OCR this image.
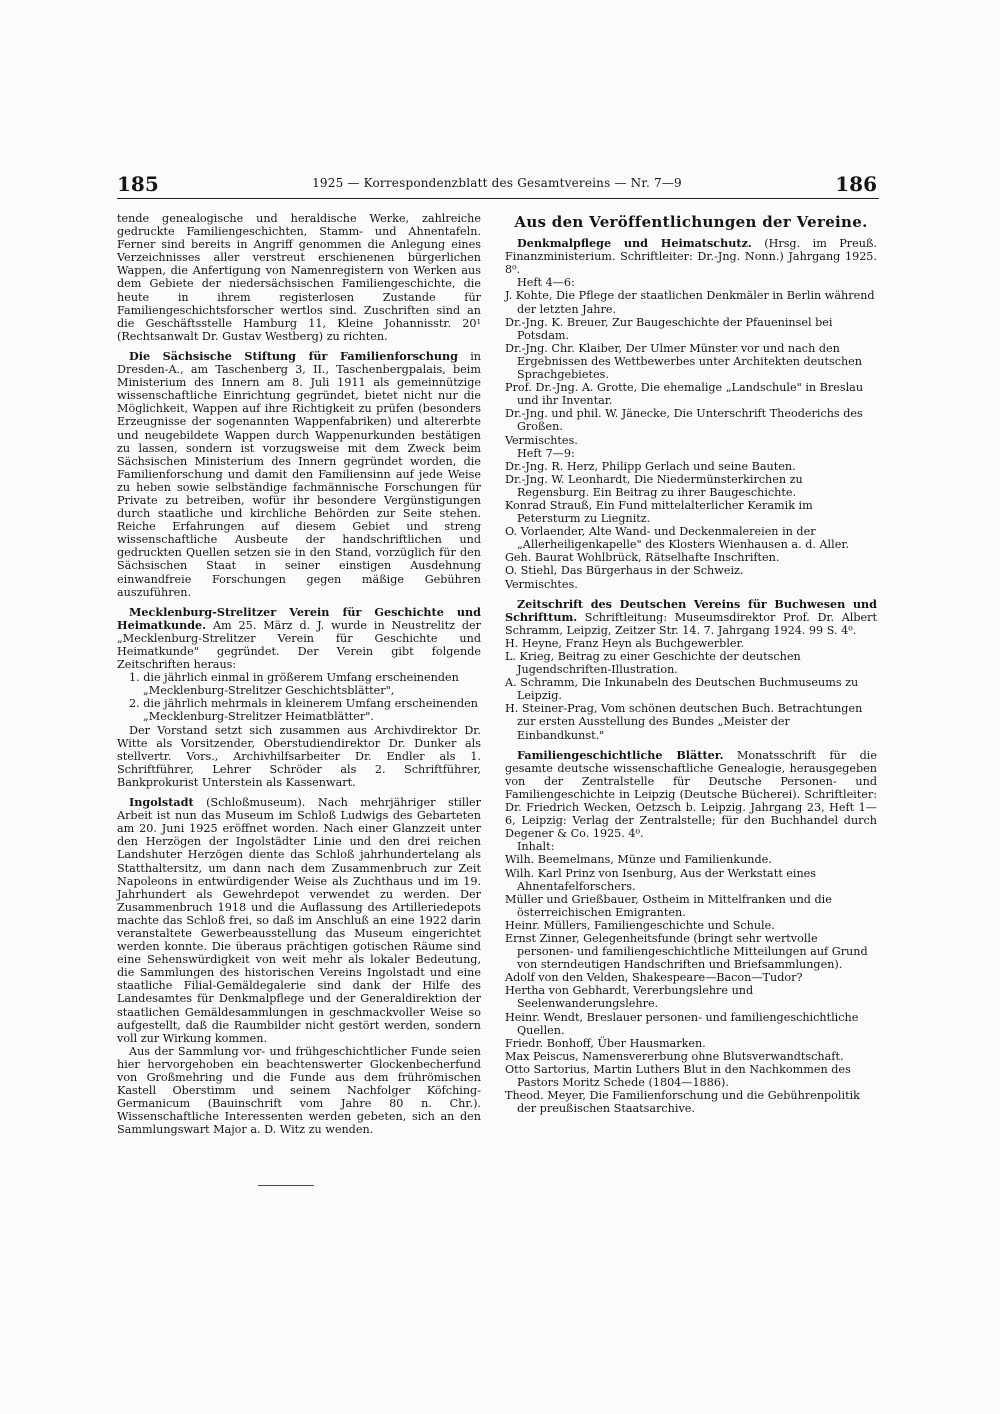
185	1925 — Korrespondenzblatt des Gesamtvereins — Nr. 7—9	186

tende genealogische und heraldische Werke, zahlreiche gedruckte Familiengeschichten, Stamm- und Ahnentafeln. Ferner sind bereits in Angriff genommen die Anlegung eines Verzeichnisses aller verstreut erschienenen bürgerlichen Wappen, die Anfertigung von Namenregistern von Werken aus dem Gebiete der niedersächsischen Familiengeschichte, die heute in ihrem registerlosen Zustande für Familiengeschichtsforscher wertlos sind. Zuschriften sind an die Geschäftsstelle Hamburg 11, Kleine Johannisstr. 20¹ (Rechtsanwalt Dr. Gustav Westberg) zu richten.

Die Sächsische Stiftung für Familienforschung in Dresden-A., am Taschenberg 3, II., Taschenbergpalais, beim Ministerium des Innern am 8. Juli 1911 als gemeinnützige wissenschaftliche Einrichtung gegründet, bietet nicht nur die Möglichkeit, Wappen auf ihre Richtigkeit zu prüfen (besonders Erzeugnisse der sogenannten Wappenfabriken) und altererbte und neugebildete Wappen durch Wappenurkunden bestätigen zu lassen, sondern ist vorzugsweise mit dem Zweck beim Sächsischen Ministerium des Innern gegründet worden, die Familienforschung und damit den Familiensinn auf jede Weise zu heben sowie selbständige fachmännische Forschungen für Private zu betreiben, wofür ihr besondere Vergünstigungen durch staatliche und kirchliche Behörden zur Seite stehen. Reiche Erfahrungen auf diesem Gebiet und streng wissenschaftliche Ausbeute der handschriftlichen und gedruckten Quellen setzen sie in den Stand, vorzüglich für den Sächsischen Staat in seiner einstigen Ausdehnung einwandfreie Forschungen gegen mäßige Gebühren auszuführen.

Mecklenburg-Strelitzer Verein für Geschichte und Heimatkunde. Am 25. März d. J. wurde in Neustrelitz der „Mecklenburg-Strelitzer Verein für Geschichte und Heimatkunde" gegründet. Der Verein gibt folgende Zeitschriften heraus:

1. die jährlich einmal in größerem Umfang erscheinenden „Mecklenburg-Strelitzer Geschichtsblätter",
2. die jährlich mehrmals in kleinerem Umfang erscheinenden „Mecklenburg-Strelitzer Heimatblätter".

Der Vorstand setzt sich zusammen aus Archivdirektor Dr. Witte als Vorsitzender, Oberstudiendirektor Dr. Dunker als stellvertr. Vors., Archivhilfsarbeiter Dr. Endler als 1. Schriftführer, Lehrer Schröder als 2. Schriftführer, Bankprokurist Unterstein als Kassenwart.

Ingolstadt (Schloßmuseum). Nach mehrjähriger stiller Arbeit ist nun das Museum im Schloß Ludwigs des Gebarteten am 20. Juni 1925 eröffnet worden. Nach einer Glanzzeit unter den Herzögen der Ingolstädter Linie und den drei reichen Landshuter Herzögen diente das Schloß jahrhundertelang als Statthaltersitz, um dann nach dem Zusammenbruch zur Zeit Napoleons in entwürdigender Weise als Zuchthaus und im 19. Jahrhundert als Gewehrdepot verwendet zu werden. Der Zusammenbruch 1918 und die Auflassung des Artilleriedepots machte das Schloß frei, so daß im Anschluß an eine 1922 darin veranstaltete Gewerbeausstellung das Museum eingerichtet werden konnte. Die überaus prächtigen gotischen Räume sind eine Sehenswürdigkeit von weit mehr als lokaler Bedeutung, die Sammlungen des historischen Vereins Ingolstadt und eine staatliche Filial-Gemäldegalerie sind dank der Hilfe des Landesamtes für Denkmalpflege und der Generaldirektion der staatlichen Gemäldesammlungen in geschmackvoller Weise so aufgestellt, daß die Raumbilder nicht gestört werden, sondern voll zur Wirkung kommen.

Aus der Sammlung vor- und frühgeschichtlicher Funde seien hier hervorgehoben ein beachtenswerter Glockenbecherfund von Großmehring und die Funde aus dem frührömischen Kastell Oberstimm und seinem Nachfolger Köfching-Germanicum (Bauinschrift vom Jahre 80 n. Chr.). Wissenschaftliche Interessenten werden gebeten, sich an den Sammlungswart Major a. D. Witz zu wenden.

Aus den Veröffentlichungen der Vereine.

Denkmalpflege und Heimatschutz. (Hrsg. im Preuß. Finanzministerium. Schriftleiter: Dr.-Jng. Nonn.) Jahrgang 1925. 8⁰.

Heft 4—6:

J. Kohte, Die Pflege der staatlichen Denkmäler in Berlin während der letzten Jahre.
Dr.-Jng. K. Breuer, Zur Baugeschichte der Pfaueninsel bei Potsdam.
Dr.-Jng. Chr. Klaiber, Der Ulmer Münster vor und nach den Ergebnissen des Wettbewerbes unter Architekten deutschen Sprachgebietes.
Prof. Dr.-Jng. A. Grotte, Die ehemalige „Landschule" in Breslau und ihr Inventar.
Dr.-Jng. und phil. W. Jänecke, Die Unterschrift Theoderichs des Großen.
Vermischtes.

Heft 7—9:

Dr.-Jng. R. Herz, Philipp Gerlach und seine Bauten.
Dr.-Jng. W. Leonhardt, Die Niedermünsterkirchen zu Regensburg. Ein Beitrag zu ihrer Baugeschichte.
Konrad Strauß, Ein Fund mittelalterlicher Keramik im Petersturm zu Liegnitz.
O. Vorlaender, Alte Wand- und Deckenmalereien in der „Allerheiligenkapelle" des Klosters Wienhausen a. d. Aller.
Geh. Baurat Wohlbrück, Rätselhafte Inschriften.
O. Stiehl, Das Bürgerhaus in der Schweiz.
Vermischtes.

Zeitschrift des Deutschen Vereins für Buchwesen und Schrifttum. Schriftleitung: Museumsdirektor Prof. Dr. Albert Schramm, Leipzig, Zeitzer Str. 14. 7. Jahrgang 1924. 99 S. 4⁰.

H. Heyne, Franz Heyn als Buchgewerbler.
L. Krieg, Beitrag zu einer Geschichte der deutschen Jugendschriften-Illustration.
A. Schramm, Die Inkunabeln des Deutschen Buchmuseums zu Leipzig.
H. Steiner-Prag, Vom schönen deutschen Buch. Betrachtungen zur ersten Ausstellung des Bundes „Meister der Einbandkunst."

Familiengeschichtliche Blätter. Monatsschrift für die gesamte deutsche wissenschaftliche Genealogie, herausgegeben von der Zentralstelle für Deutsche Personen- und Familiengeschichte in Leipzig (Deutsche Bücherei). Schriftleiter: Dr. Friedrich Wecken, Oetzsch b. Leipzig. Jahrgang 23, Heft 1—6, Leipzig: Verlag der Zentralstelle; für den Buchhandel durch Degener & Co. 1925. 4⁰.

Inhalt:

Wilh. Beemelmans, Münze und Familienkunde.
Wilh. Karl Prinz von Isenburg, Aus der Werkstatt eines Ahnentafelforschers.
Müller und Grießbauer, Ostheim in Mittelfranken und die österreichischen Emigranten.
Heinr. Müllers, Familiengeschichte und Schule.
Ernst Zinner, Gelegenheitsfunde (bringt sehr wertvolle personen- und familiengeschichtliche Mitteilungen auf Grund von sterndeutigen Handschriften und Briefsammlungen).
Adolf von den Velden, Shakespeare—Bacon—Tudor?
Hertha von Gebhardt, Vererbungslehre und Seelenwanderungslehre.
Heinr. Wendt, Breslauer personen- und familiengeschichtliche Quellen.
Friedr. Bonhoff, Über Hausmarken.
Max Peiscus, Namensvererbung ohne Blutsverwandtschaft.
Otto Sartorius, Martin Luthers Blut in den Nachkommen des Pastors Moritz Schede (1804—1886).
Theod. Meyer, Die Familienforschung und die Gebührenpolitik der preußischen Staatsarchive.
